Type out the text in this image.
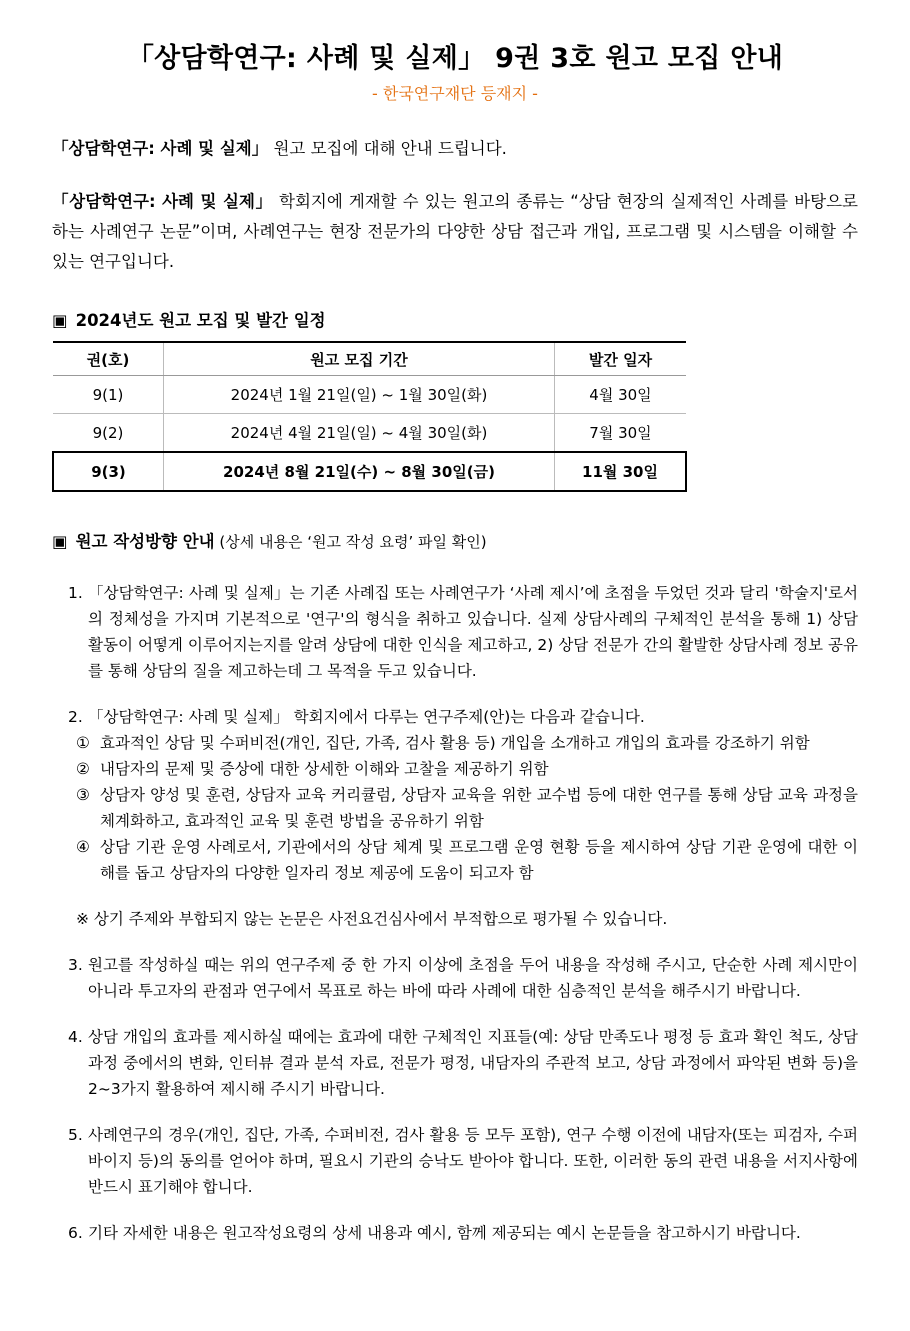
「상담학연구: 사례 및 실제」 9권 3호 원고 모집 안내
- 한국연구재단 등재지 -
「상담학연구: 사례 및 실제」 원고 모집에 대해 안내 드립니다.
「상담학연구: 사례 및 실제」 학회지에 게재할 수 있는 원고의 종류는 “상담 현장의 실제적인 사례를 바탕으로 하는 사례연구 논문”이며, 사례연구는 현장 전문가의 다양한 상담 접근과 개입, 프로그램 및 시스템을 이해할 수 있는 연구입니다.
▣ 2024년도 원고 모집 및 발간 일정
권(호)	원고 모집 기간	발간 일자
9(1)	2024년 1월 21일(일) ~ 1월 30일(화)	4월 30일
9(2)	2024년 4월 21일(일) ~ 4월 30일(화)	7월 30일
9(3)	2024년 8월 21일(수) ~ 8월 30일(금)	11월 30일
▣ 원고 작성방향 안내 (상세 내용은 ‘원고 작성 요령’ 파일 확인)
1. 「상담학연구: 사례 및 실제」는 기존 사례집 또는 사례연구가 ‘사례 제시’에 초점을 두었던 것과 달리 '학술지'로서의 정체성을 가지며 기본적으로 '연구'의 형식을 취하고 있습니다. 실제 상담사례의 구체적인 분석을 통해 1) 상담활동이 어떻게 이루어지는지를 알려 상담에 대한 인식을 제고하고, 2) 상담 전문가 간의 활발한 상담사례 정보 공유를 통해 상담의 질을 제고하는데 그 목적을 두고 있습니다.
2. 「상담학연구: 사례 및 실제」 학회지에서 다루는 연구주제(안)는 다음과 같습니다.
① 효과적인 상담 및 수퍼비전(개인, 집단, 가족, 검사 활용 등) 개입을 소개하고 개입의 효과를 강조하기 위함
② 내담자의 문제 및 증상에 대한 상세한 이해와 고찰을 제공하기 위함
③ 상담자 양성 및 훈련, 상담자 교육 커리큘럼, 상담자 교육을 위한 교수법 등에 대한 연구를 통해 상담 교육 과정을 체계화하고, 효과적인 교육 및 훈련 방법을 공유하기 위함
④ 상담 기관 운영 사례로서, 기관에서의 상담 체계 및 프로그램 운영 현황 등을 제시하여 상담 기관 운영에 대한 이해를 돕고 상담자의 다양한 일자리 정보 제공에 도움이 되고자 함
※ 상기 주제와 부합되지 않는 논문은 사전요건심사에서 부적합으로 평가될 수 있습니다.
3. 원고를 작성하실 때는 위의 연구주제 중 한 가지 이상에 초점을 두어 내용을 작성해 주시고, 단순한 사례 제시만이 아니라 투고자의 관점과 연구에서 목표로 하는 바에 따라 사례에 대한 심층적인 분석을 해주시기 바랍니다.
4. 상담 개입의 효과를 제시하실 때에는 효과에 대한 구체적인 지표들(예: 상담 만족도나 평정 등 효과 확인 척도, 상담 과정 중에서의 변화, 인터뷰 결과 분석 자료, 전문가 평정, 내담자의 주관적 보고, 상담 과정에서 파악된 변화 등)을 2~3가지 활용하여 제시해 주시기 바랍니다.
5. 사례연구의 경우(개인, 집단, 가족, 수퍼비전, 검사 활용 등 모두 포함), 연구 수행 이전에 내담자(또는 피검자, 수퍼바이지 등)의 동의를 얻어야 하며, 필요시 기관의 승낙도 받아야 합니다. 또한, 이러한 동의 관련 내용을 서지사항에 반드시 표기해야 합니다.
6. 기타 자세한 내용은 원고작성요령의 상세 내용과 예시, 함께 제공되는 예시 논문들을 참고하시기 바랍니다.
